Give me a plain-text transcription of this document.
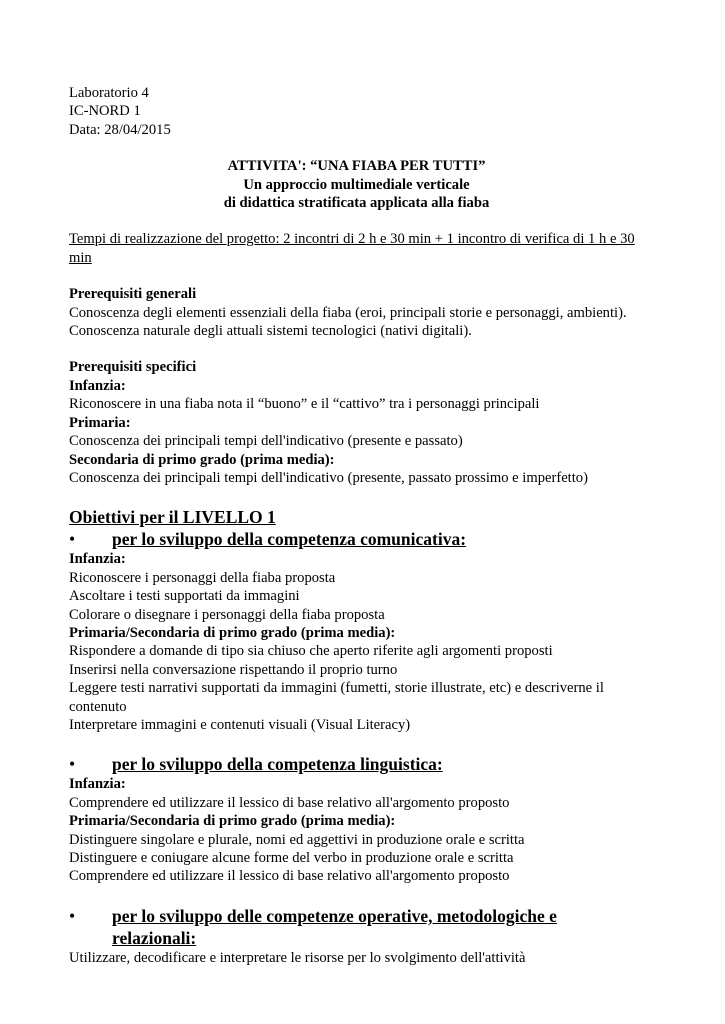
Laboratorio 4

IC-NORD 1

Data: 28/04/2015

ATTIVITA': “UNA FIABA PER TUTTI”

Un approccio multimediale verticale

di didattica stratificata applicata alla fiaba

Tempi di realizzazione del progetto: 2 incontri di 2 h e 30 min + 1 incontro di verifica di 1 h e 30 min

Prerequisiti generali

Conoscenza degli elementi essenziali della fiaba (eroi, principali storie e personaggi, ambienti).

Conoscenza naturale degli attuali sistemi tecnologici (nativi digitali).

Prerequisiti specifici

Infanzia:

Riconoscere in una fiaba nota il “buono” e il “cattivo” tra i personaggi principali

Primaria:

Conoscenza dei principali tempi dell'indicativo (presente e passato)

Secondaria di primo grado (prima media):

Conoscenza dei principali tempi dell'indicativo (presente, passato prossimo e imperfetto)

Obiettivi per il LIVELLO 1

•	per lo sviluppo della competenza comunicativa:

Infanzia:

Riconoscere i personaggi della fiaba proposta

Ascoltare i testi supportati da immagini

Colorare o disegnare i personaggi della fiaba proposta

Primaria/Secondaria di primo grado (prima media):

Rispondere a domande di tipo sia chiuso che aperto riferite agli argomenti proposti

Inserirsi nella conversazione rispettando il proprio turno

Leggere testi narrativi supportati da immagini (fumetti, storie illustrate, etc) e descriverne il contenuto

Interpretare immagini e contenuti visuali (Visual Literacy)

•	per lo sviluppo della competenza linguistica:

Infanzia:

Comprendere ed utilizzare il lessico di base relativo all'argomento proposto

Primaria/Secondaria di primo grado (prima media):

Distinguere singolare e plurale, nomi ed aggettivi in produzione orale e scritta

Distinguere e coniugare alcune forme del verbo in produzione orale e scritta

Comprendere ed utilizzare il lessico di base relativo all'argomento proposto

•	per lo sviluppo delle competenze operative, metodologiche e relazionali:

Utilizzare, decodificare e interpretare le risorse per lo svolgimento dell'attività
